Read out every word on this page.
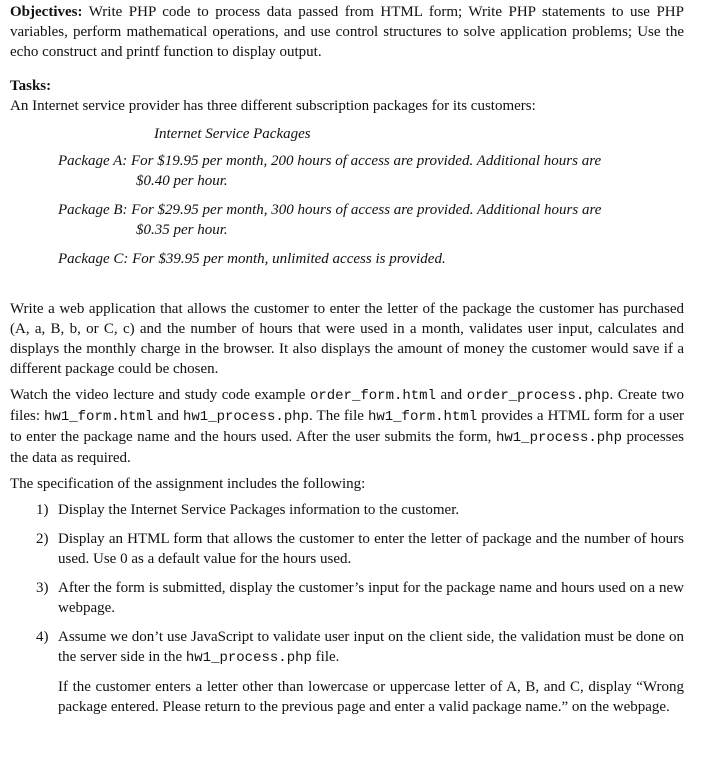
Objectives: Write PHP code to process data passed from HTML form; Write PHP statements to use PHP variables, perform mathematical operations, and use control structures to solve application problems; Use the echo construct and printf function to display output.

Tasks:

An Internet service provider has three different subscription packages for its customers:

Internet Service Packages

Package A: For $19.95 per month, 200 hours of access are provided. Additional hours are
$0.40 per hour.

Package B: For $29.95 per month, 300 hours of access are provided. Additional hours are
$0.35 per hour.

Package C: For $39.95 per month, unlimited access is provided.

Write a web application that allows the customer to enter the letter of the package the customer has purchased (A, a, B, b, or C, c) and the number of hours that were used in a month, validates user input, calculates and displays the monthly charge in the browser. It also displays the amount of money the customer would save if a different package could be chosen.

Watch the video lecture and study code example order_form.html and order_process.php. Create two files: hw1_form.html and hw1_process.php. The file hw1_form.html provides a HTML form for a user to enter the package name and the hours used. After the user submits the form, hw1_process.php processes the data as required.

The specification of the assignment includes the following:

1) Display the Internet Service Packages information to the customer.
2) Display an HTML form that allows the customer to enter the letter of package and the number of hours used. Use 0 as a default value for the hours used.
3) After the form is submitted, display the customer’s input for the package name and hours used on a new webpage.
4) Assume we don’t use JavaScript to validate user input on the client side, the validation must be done on the server side in the hw1_process.php file.

If the customer enters a letter other than lowercase or uppercase letter of A, B, and C, display “Wrong package entered. Please return to the previous page and enter a valid package name.” on the webpage.
